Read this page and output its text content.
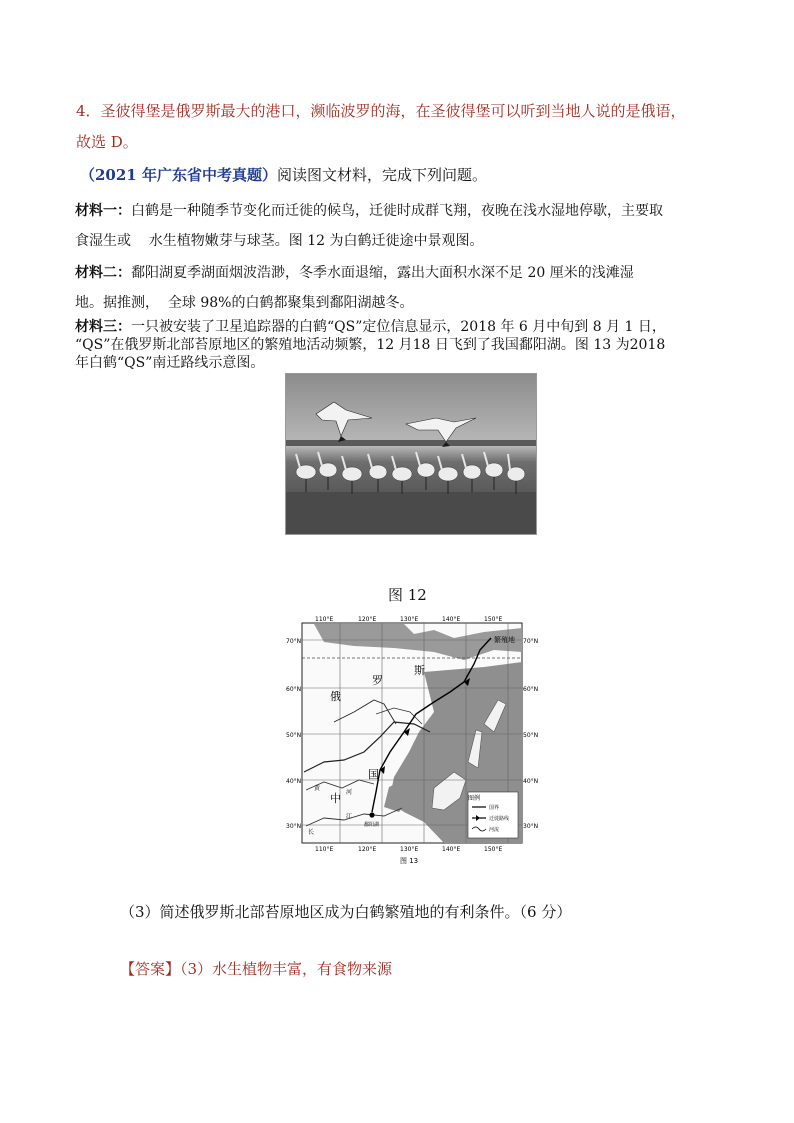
4．圣彼得堡是俄罗斯最大的港口，濒临波罗的海，在圣彼得堡可以听到当地人说的是俄语，
故选 D。
（2021 年广东省中考真题）阅读图文材料，完成下列问题。
材料一：白鹤是一种随季节变化而迁徙的候鸟，迁徙时成群飞翔，夜晚在浅水湿地停歇，主要取
食湿生或    水生植物嫩芽与球茎。图 12 为白鹤迁徙途中景观图。
材料二：鄱阳湖夏季湖面烟波浩渺，冬季水面退缩，露出大面积水深不足 20 厘米的浅滩湿
地。据推测，  全球 98%的白鹤都聚集到鄱阳湖越冬。
材料三：一只被安装了卫星追踪器的白鹤“QS”定位信息显示，2018 年 6 月中旬到 8 月 1 日，
“QS”在俄罗斯北部苔原地区的繁殖地活动频繁，12 月18 日飞到了我国鄱阳湖。图 13 为2018
年白鹤“QS”南迁路线示意图。
图 12
图例
国界
迁徙路线
河流
110°E	120°E	130°E	140°E	150°E
110°E	120°E	130°E	140°E	150°E
70°N
60°N
50°N
40°N
30°N
70°N
60°N
50°N
40°N
30°N
繁殖地
俄
罗
斯
中
国
鄱阳湖
黄
河
长
江
图 13
（3）简述俄罗斯北部苔原地区成为白鹤繁殖地的有利条件。（6 分）
【答案】（3）水生植物丰富，有食物来源
